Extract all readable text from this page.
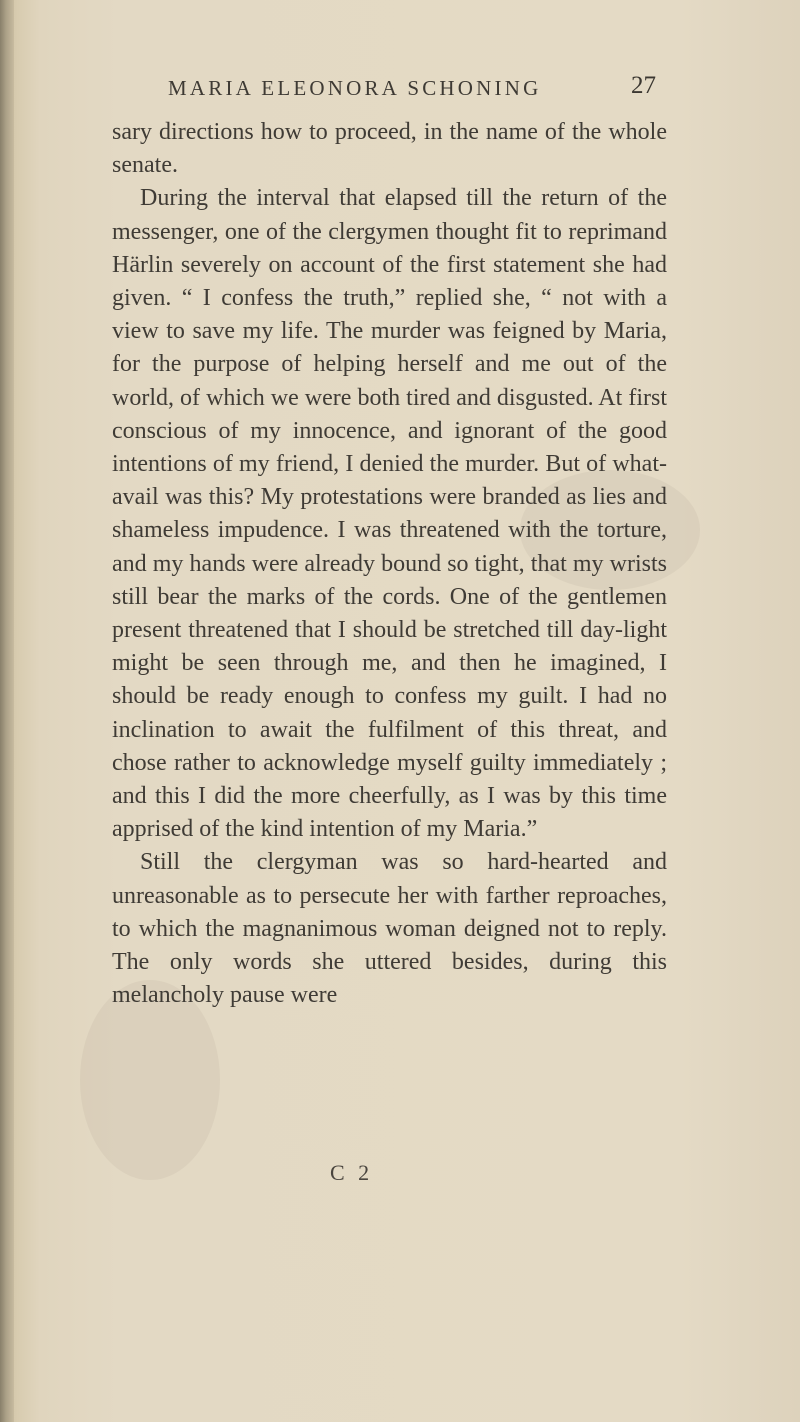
MARIA ELEONORA SCHONING	27

sary directions how to proceed, in the name of the whole senate.

During the interval that elapsed till the return of the messenger, one of the clergymen thought fit to reprimand Härlin severely on account of the first statement she had given. “ I confess the truth,” replied she, “ not with a view to save my life. The murder was feigned by Maria, for the purpose of helping herself and me out of the world, of which we were both tired and disgusted. At first conscious of my innocence, and ignorant of the good intentions of my friend, I denied the murder. But of what-avail was this? My protestations were branded as lies and shameless impudence. I was threatened with the torture, and my hands were already bound so tight, that my wrists still bear the marks of the cords. One of the gentlemen present threatened that I should be stretched till day-light might be seen through me, and then he imagined, I should be ready enough to confess my guilt. I had no inclination to await the fulfilment of this threat, and chose rather to acknowledge myself guilty immediately ; and this I did the more cheerfully, as I was by this time apprised of the kind intention of my Maria.”

Still the clergyman was so hard-hearted and unreasonable as to persecute her with farther reproaches, to which the magnanimous woman deigned not to reply. The only words she uttered besides, during this melancholy pause were

C 2
